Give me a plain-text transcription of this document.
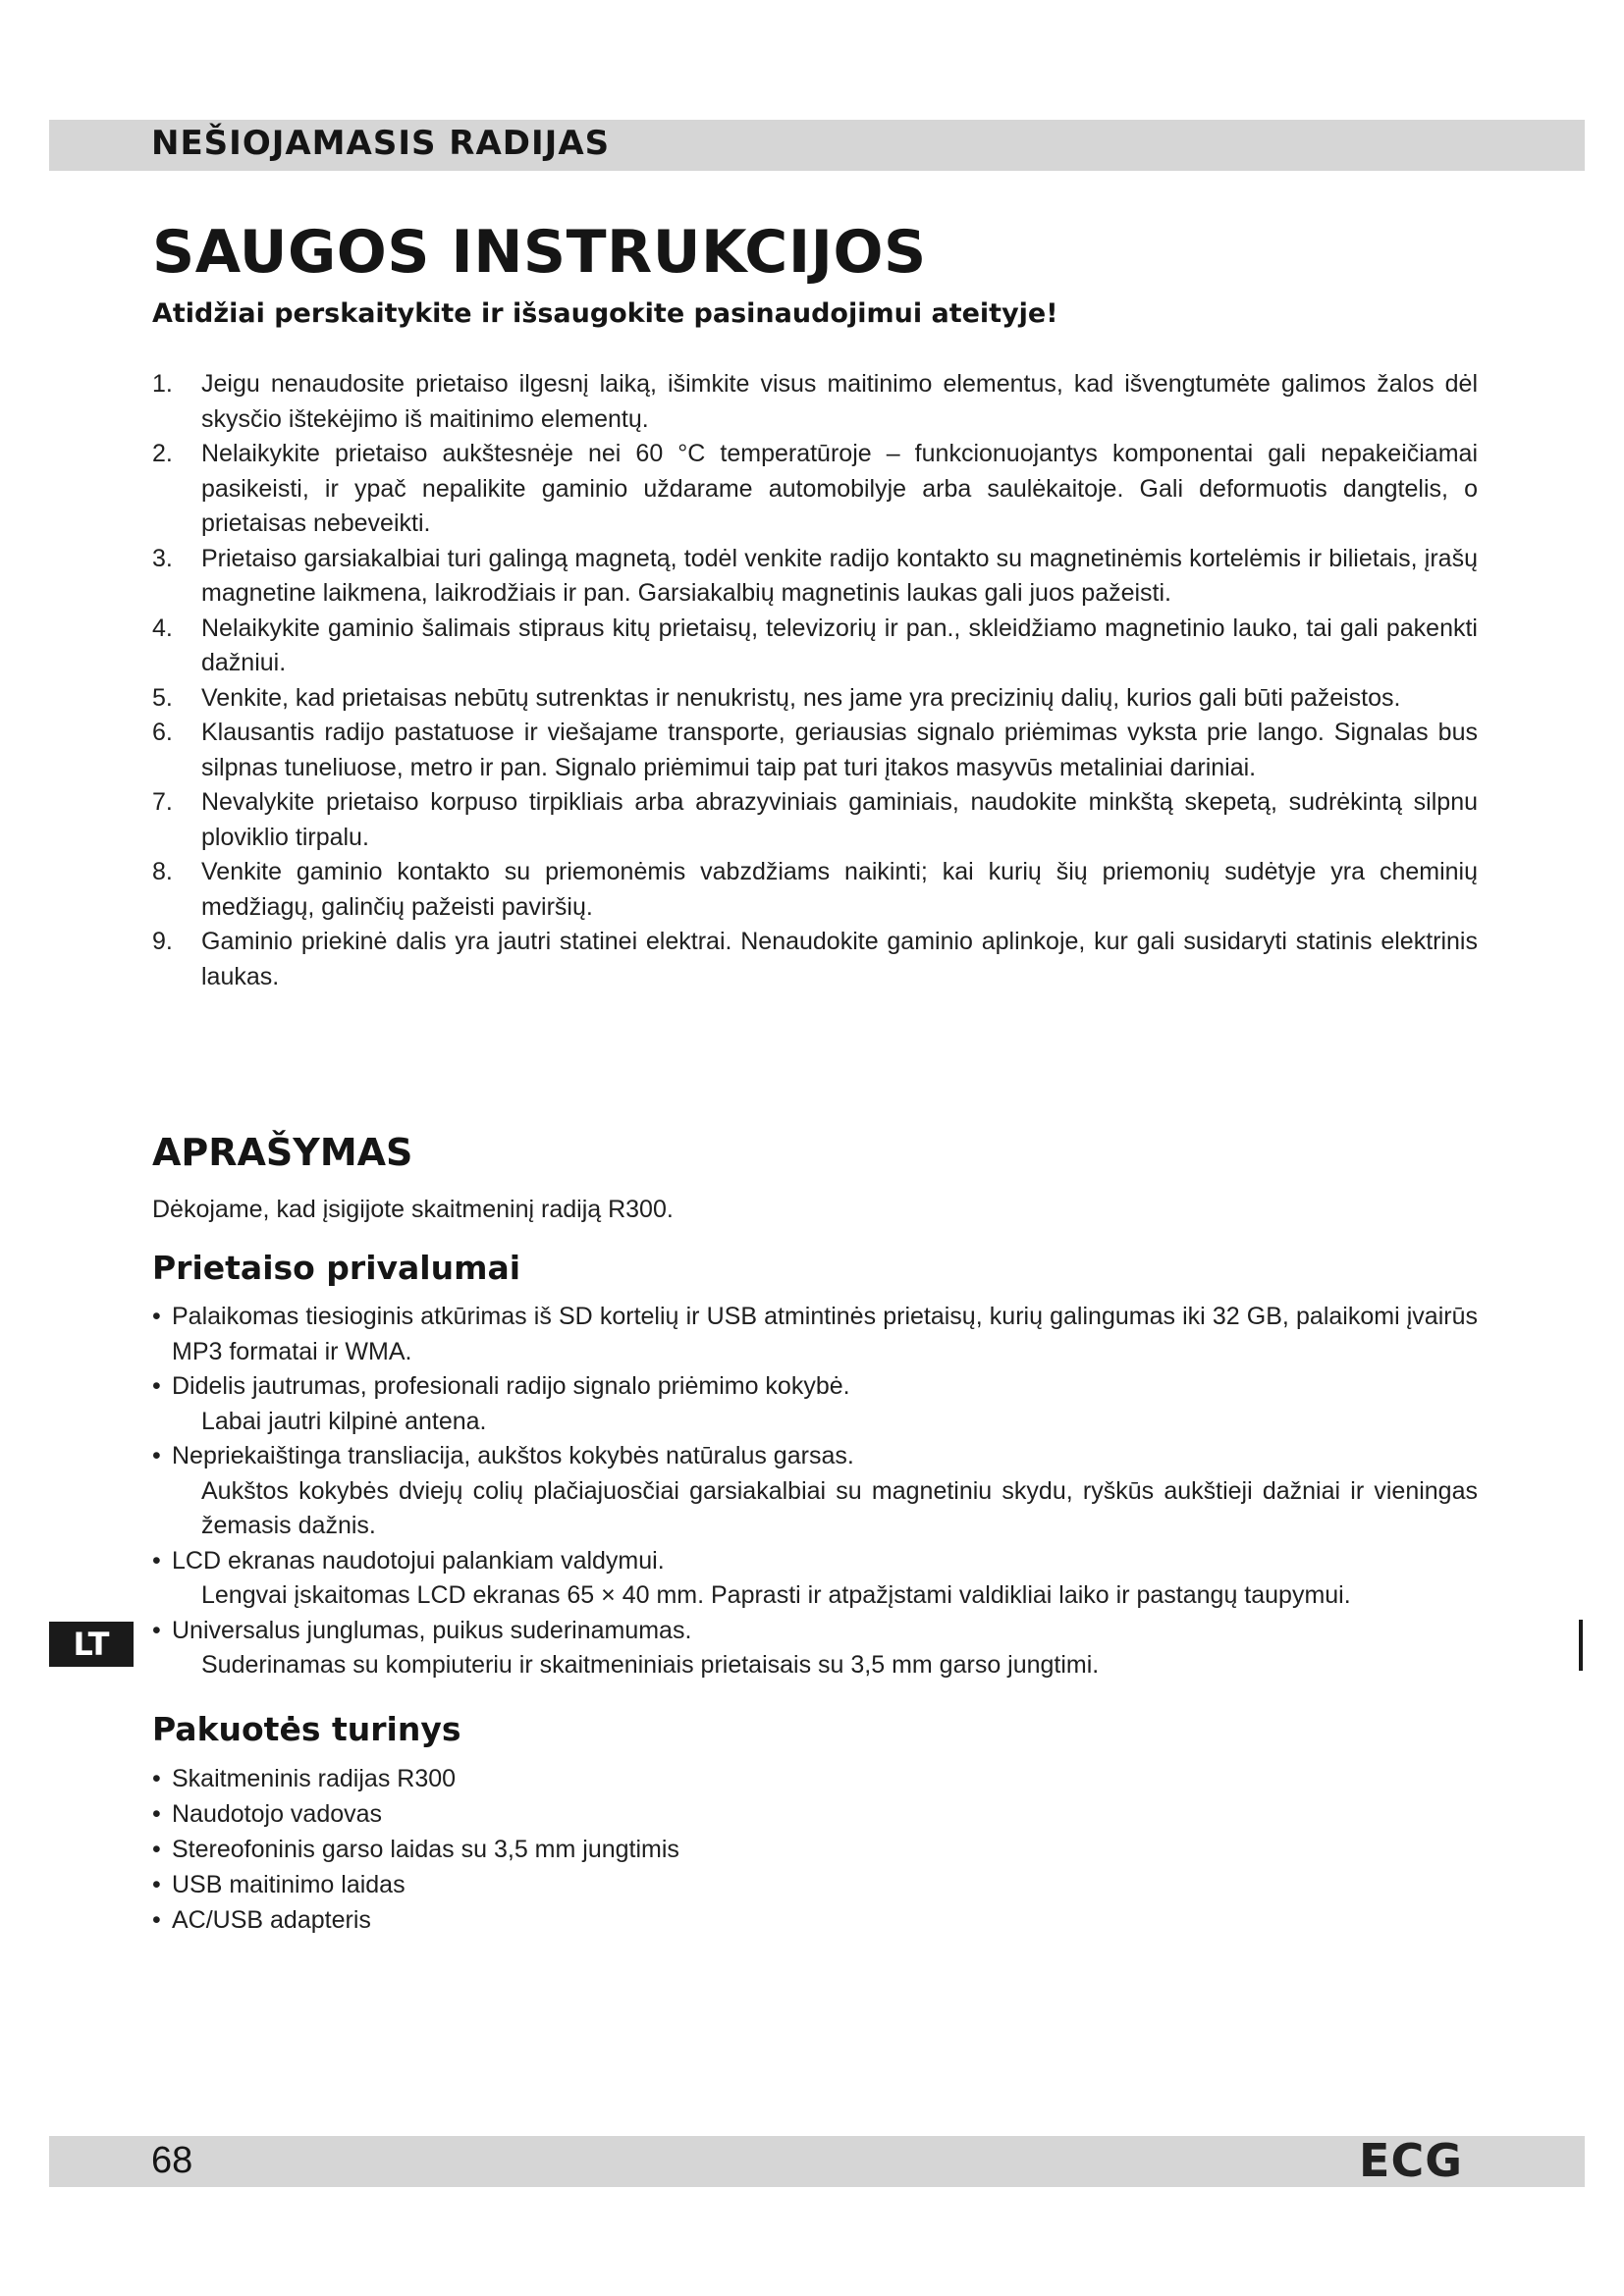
NEŠIOJAMASIS RADIJAS
SAUGOS INSTRUKCIJOS

Atidžiai perskaitykite ir išsaugokite pasinaudojimui ateityje!

1. Jeigu nenaudosite prietaiso ilgesnį laiką, išimkite visus maitinimo elementus, kad išvengtumėte galimos žalos dėl skysčio ištekėjimo iš maitinimo elementų.
2. Nelaikykite prietaiso aukštesnėje nei 60 °C temperatūroje – funkcionuojantys komponentai gali nepakeičiamai pasikeisti, ir ypač nepalikite gaminio uždarame automobilyje arba saulėkaitoje. Gali deformuotis dangtelis, o prietaisas nebeveikti.
3. Prietaiso garsiakalbiai turi galingą magnetą, todėl venkite radijo kontakto su magnetinėmis kortelėmis ir bilietais, įrašų magnetine laikmena, laikrodžiais ir pan. Garsiakalbių magnetinis laukas gali juos pažeisti.
4. Nelaikykite gaminio šalimais stipraus kitų prietaisų, televizorių ir pan., skleidžiamo magnetinio lauko, tai gali pakenkti dažniui.
5. Venkite, kad prietaisas nebūtų sutrenktas ir nenukristų, nes jame yra precizinių dalių, kurios gali būti pažeistos.
6. Klausantis radijo pastatuose ir viešajame transporte, geriausias signalo priėmimas vyksta prie lango. Signalas bus silpnas tuneliuose, metro ir pan. Signalo priėmimui taip pat turi įtakos masyvūs metaliniai dariniai.
7. Nevalykite prietaiso korpuso tirpikliais arba abrazyviniais gaminiais, naudokite minkštą skepetą, sudrėkintą silpnu ploviklio tirpalu.
8. Venkite gaminio kontakto su priemonėmis vabzdžiams naikinti; kai kurių šių priemonių sudėtyje yra cheminių medžiagų, galinčių pažeisti paviršių.
9. Gaminio priekinė dalis yra jautri statinei elektrai. Nenaudokite gaminio aplinkoje, kur gali susidaryti statinis elektrinis laukas.
APRAŠYMAS

Dėkojame, kad įsigijote skaitmeninį radiją R300.

Prietaiso privalumai
• Palaikomas tiesioginis atkūrimas iš SD kortelių ir USB atmintinės prietaisų, kurių galingumas iki 32 GB, palaikomi įvairūs MP3 formatai ir WMA.
• Didelis jautrumas, profesionali radijo signalo priėmimo kokybė.
Labai jautri kilpinė antena.
• Nepriekaištinga transliacija, aukštos kokybės natūralus garsas.
Aukštos kokybės dviejų colių plačiajuosčiai garsiakalbiai su magnetiniu skydu, ryškūs aukštieji dažniai ir vieningas žemasis dažnis.
• LCD ekranas naudotojui palankiam valdymui.
Lengvai įskaitomas LCD ekranas 65 × 40 mm. Paprasti ir atpažįstami valdikliai laiko ir pastangų taupymui.
• Universalus junglumas, puikus suderinamumas.
Suderinamas su kompiuteriu ir skaitmeniniais prietaisais su 3,5 mm garso jungtimi.
Pakuotės turinys
• Skaitmeninis radijas R300
• Naudotojo vadovas
• Stereofoninis garso laidas su 3,5 mm jungtimis
• USB maitinimo laidas
• AC/USB adapteris
LT
68	ECG
